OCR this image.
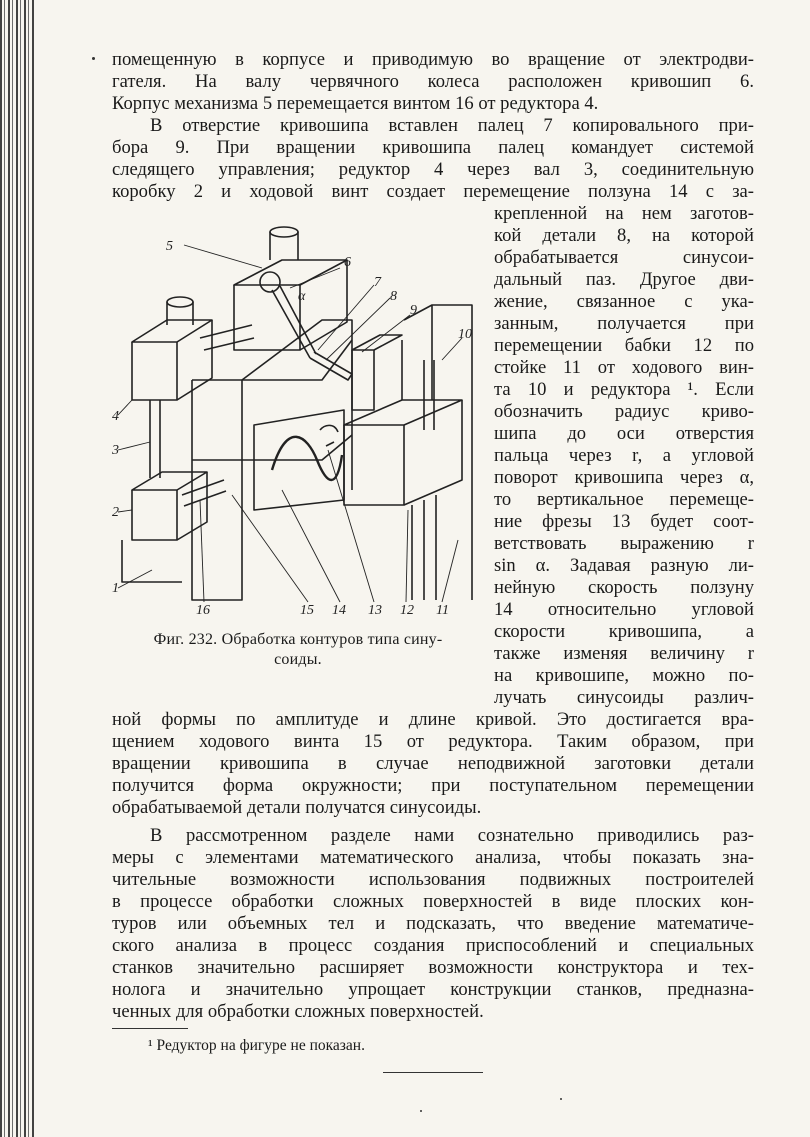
помещенную в корпусе и приводимую во вращение от электродви-
гателя. На валу червячного колеса расположен кривошип 6.
Корпус механизма 5 перемещается винтом 16 от редуктора 4.
В отверстие кривошипа вставлен палец 7 копировального при-
бора 9. При вращении кривошипа палец командует системой
следящего управления; редуктор 4 через вал 3, соединительную
коробку 2 и ходовой винт создает перемещение ползуна 14 с за-
крепленной на нем заготов-
кой детали 8, на которой
обрабатывается синусои-
дальный паз. Другое дви-
жение, связанное с ука-
занным, получается при
перемещении бабки 12 по
стойке 11 от ходового вин-
та 10 и редуктора ¹. Если
обозначить радиус криво-
шипа до оси отверстия
пальца через r, а угловой
поворот кривошипа через α,
то вертикальное перемеще-
ние фрезы 13 будет соот-
ветствовать выражению r
sin α. Задавая разную ли-
нейную скорость ползуну
14 относительно угловой
скорости кривошипа, а
также изменяя величину r
на кривошипе, можно по-
лучать синусоиды различ-
5
6
α
7
8
9
10
4
3
2
1
16	15 14 13 12 11
Фиг. 232. Обработка контуров типа сину-
соиды.
ной формы по амплитуде и длине кривой. Это достигается вра-
щением ходового винта 15 от редуктора. Таким образом, при
вращении кривошипа в случае неподвижной заготовки детали
получится форма окружности; при поступательном перемещении
обрабатываемой детали получатся синусоиды.
В рассмотренном разделе нами сознательно приводились раз-
меры с элементами математического анализа, чтобы показать зна-
чительные возможности использования подвижных построителей
в процессе обработки сложных поверхностей в виде плоских кон-
туров или объемных тел и подсказать, что введение математиче-
ского анализа в процесс создания приспособлений и специальных
станков значительно расширяет возможности конструктора и тех-
нолога и значительно упрощает конструкции станков, предназна-
ченных для обработки сложных поверхностей.
¹ Редуктор на фигуре не показан.
